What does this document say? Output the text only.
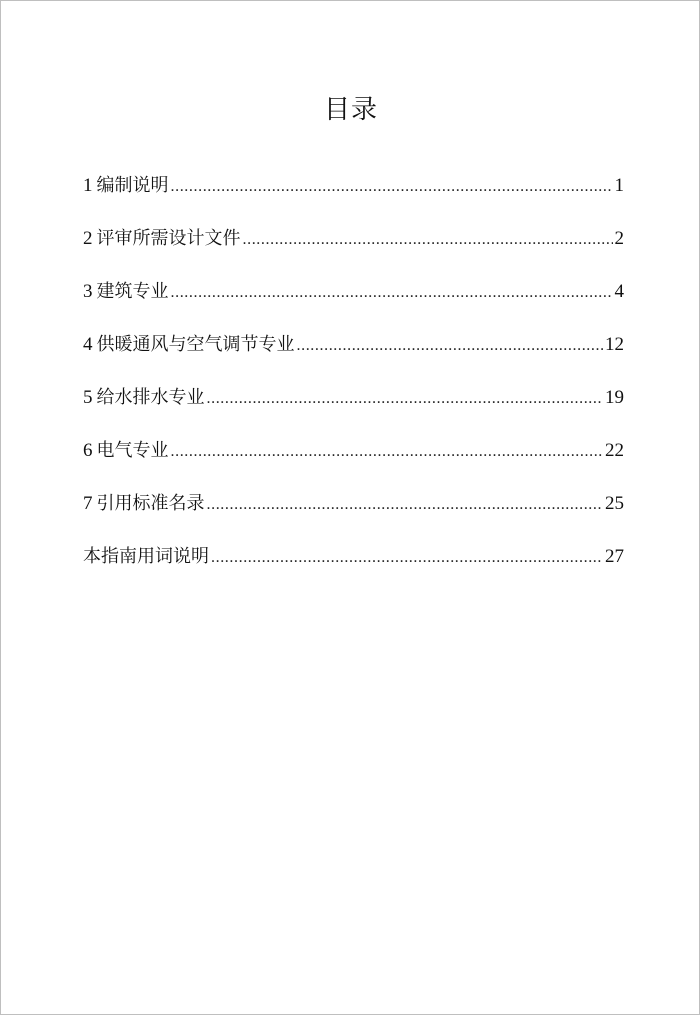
目录
1 编制说明 .....	1
2 评审所需设计文件 .....	2
3 建筑专业 .....	4
4 供暖通风与空气调节专业 .....	12
5 给水排水专业 .....	19
6 电气专业 .....	22
7 引用标准名录 .....	25
本指南用词说明 .....	27
